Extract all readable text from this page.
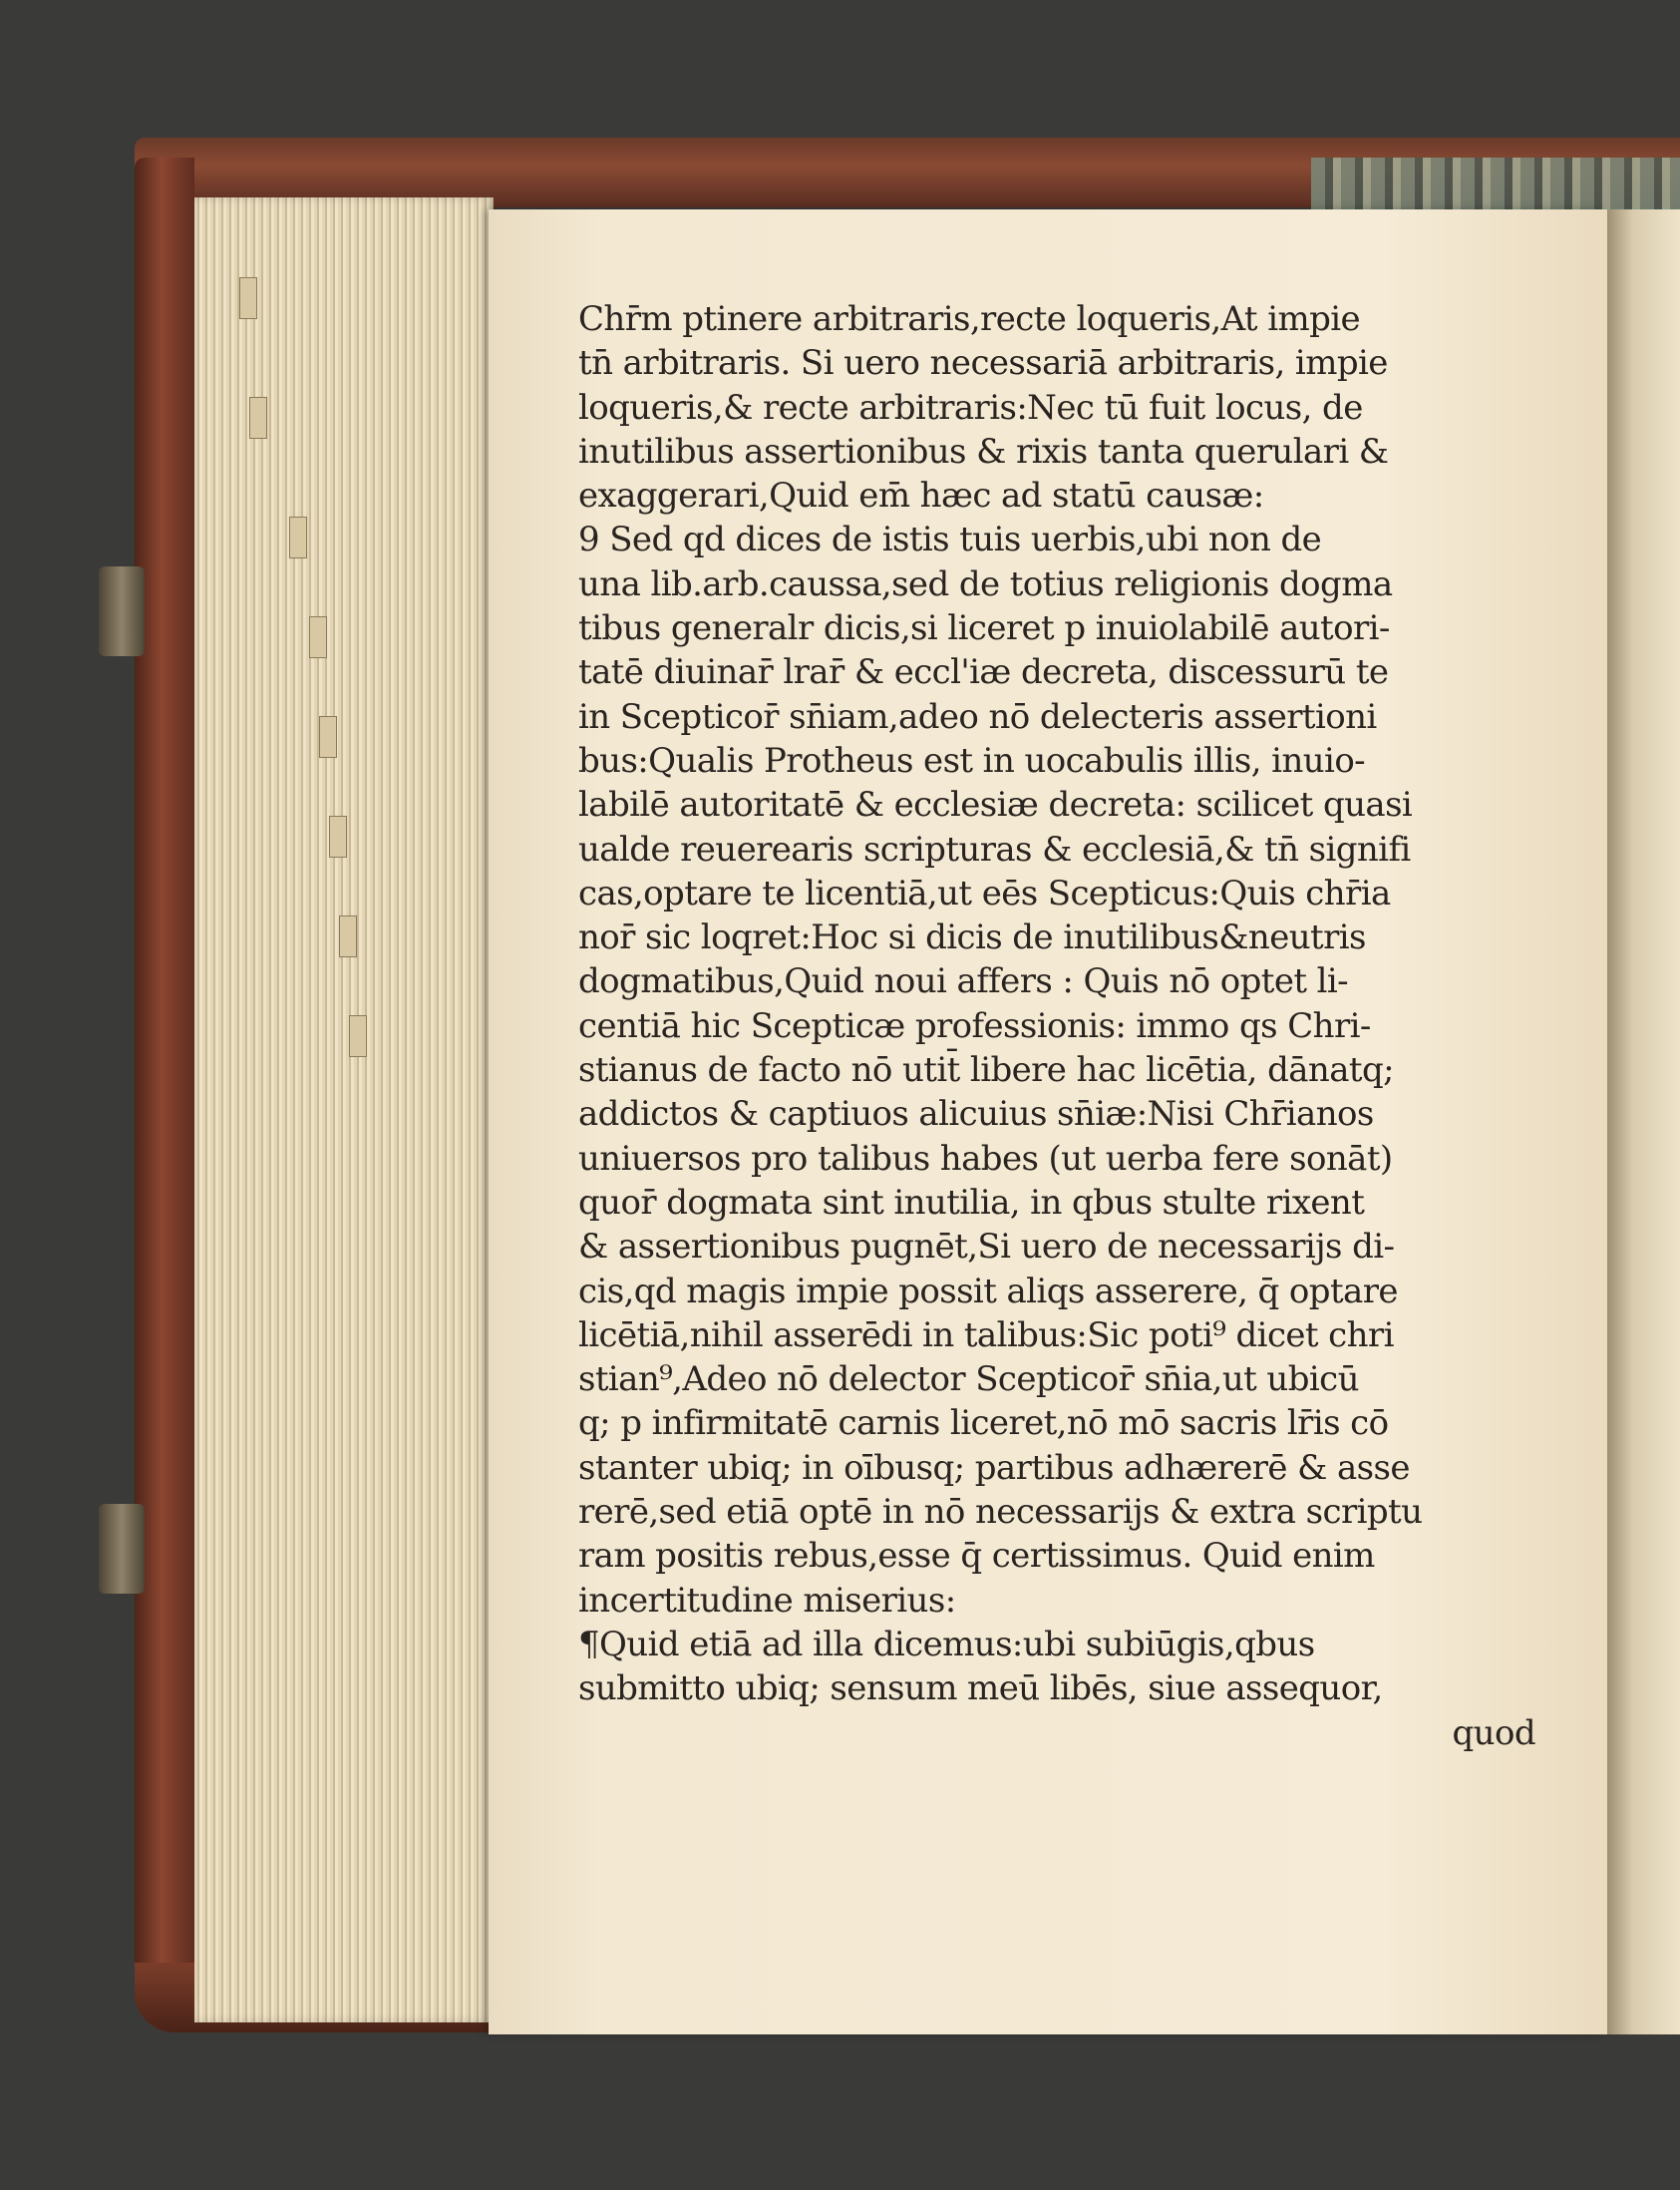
Chr̄m ptinere arbitraris,recte loqueris,At impie
tn̄ arbitraris. Si uero necessariā arbitraris, impie
loqueris,& recte arbitraris:Nec tū fuit locus, de
inutilibus assertionibus & rixis tanta querulari &
exaggerari,Quid em̄ hæc ad statū causæ:
9 Sed qd dices de istis tuis uerbis,ubi non de
una lib.arb.caussa,sed de totius religionis dogma
tibus generalr dicis,si liceret p inuiolabilē autori-
tatē diuinar̄ lrar̄ & eccl'iæ decreta, discessurū te
in Scepticor̄ sn̄iam,adeo nō delecteris assertioni
bus:Qualis Protheus est in uocabulis illis, inuio-
labilē autoritatē & ecclesiæ decreta: scilicet quasi
ualde reuerearis scripturas & ecclesiā,& tn̄ signifi
cas,optare te licentiā,ut eēs Scepticus:Quis chr̄ia
nor̄ sic loqret:Hoc si dicis de inutilibus&neutris
dogmatibus,Quid noui affers : Quis nō optet li-
centiā hic Scepticæ professionis: immo qs Chri-
stianus de facto nō utit̄ libere hac licētia, dānatq;
addictos & captiuos alicuius sn̄iæ:Nisi Chr̄ianos
uniuersos pro talibus habes (ut uerba fere sonāt)
quor̄ dogmata sint inutilia, in qbus stulte rixent
& assertionibus pugnēt,Si uero de necessarijs di-
cis,qd magis impie possit aliqs asserere, q̄ optare
licētiā,nihil asserēdi in talibus:Sic poti⁹ dicet chri
stian⁹,Adeo nō delector Scepticor̄ sn̄ia,ut ubicū
q; p infirmitatē carnis liceret,nō mō sacris lr̄is cō
stanter ubiq; in oībusq; partibus adhærerē & asse
rerē,sed etiā optē in nō necessarijs & extra scriptu
ram positis rebus,esse q̄ certissimus. Quid enim
incertitudine miserius:
¶Quid etiā ad illa dicemus:ubi subiūgis,qbus
submitto ubiq; sensum meū libēs, siue assequor,
quod
